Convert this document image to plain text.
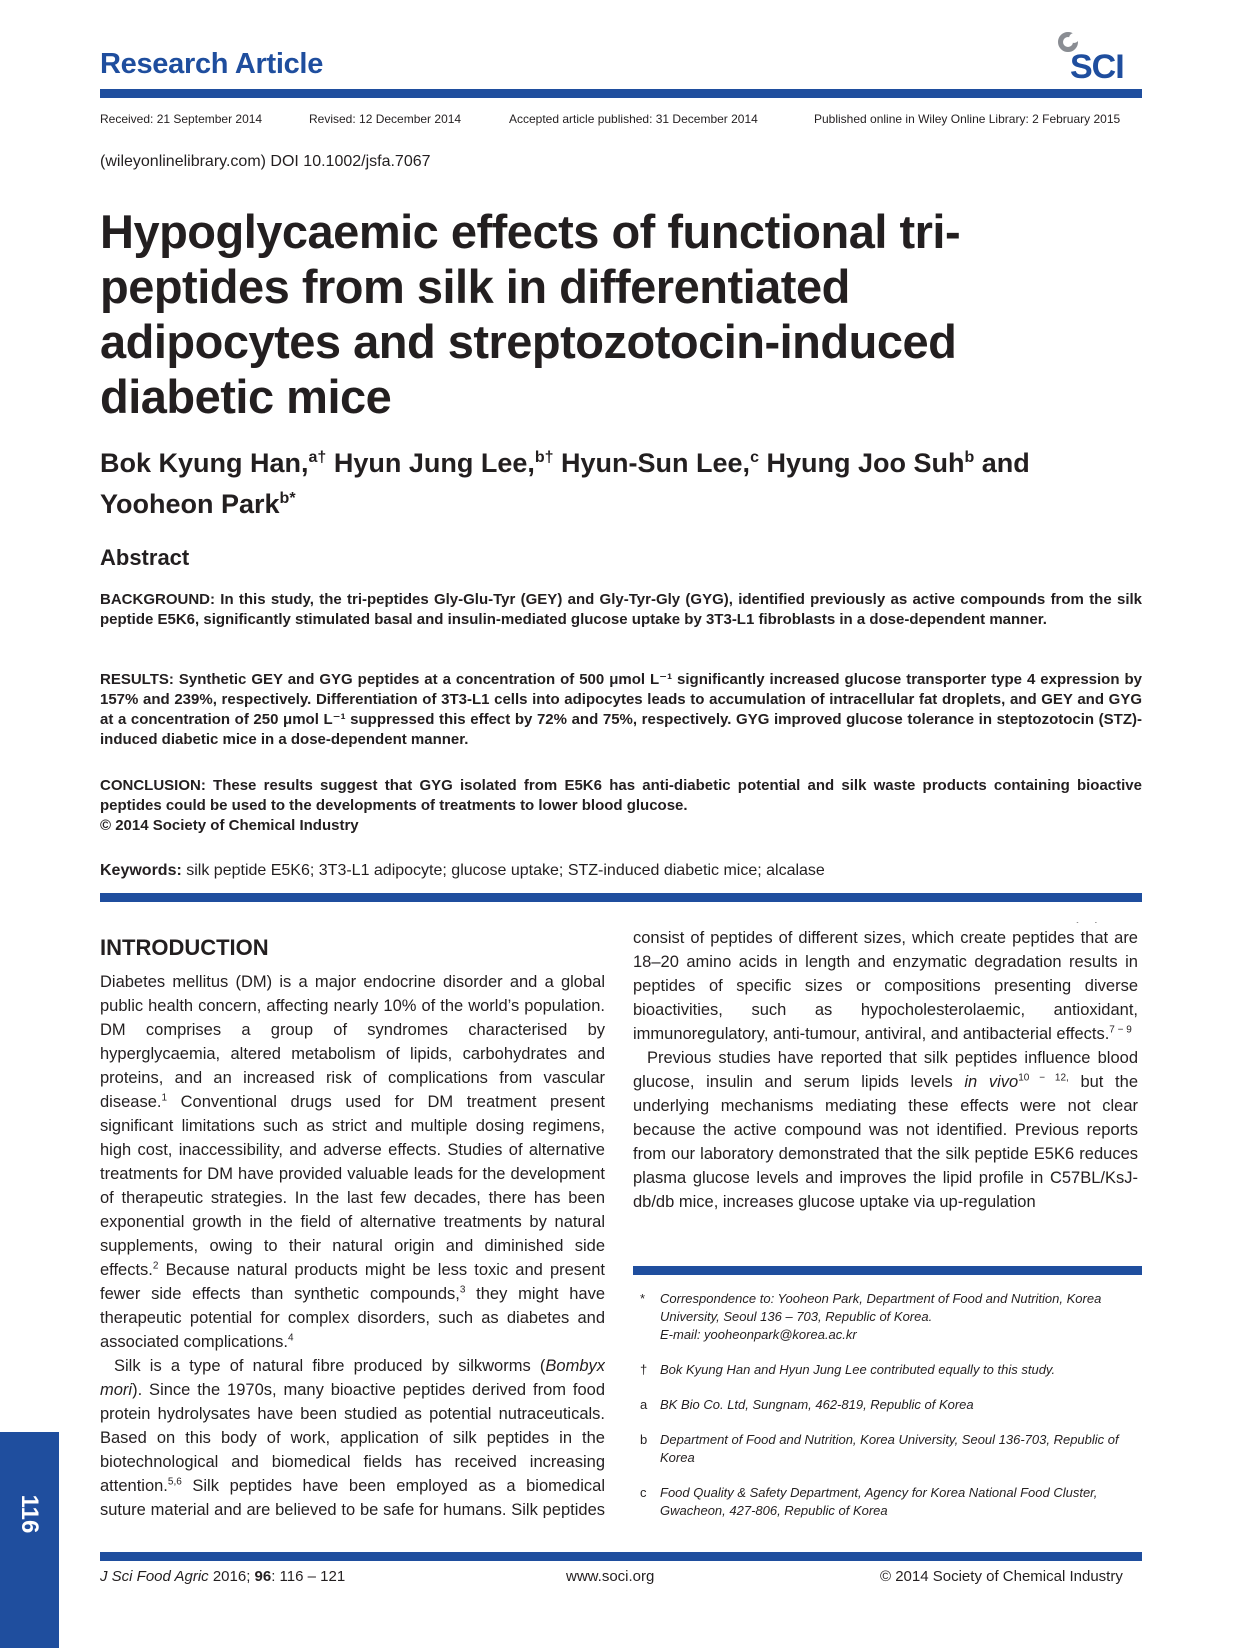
Research Article	SCI
Received: 21 September 2014	Revised: 12 December 2014	Accepted article published: 31 December 2014	Published online in Wiley Online Library: 2 February 2015
(wileyonlinelibrary.com) DOI 10.1002/jsfa.7067
Hypoglycaemic effects of functional tri-peptides from silk in differentiated adipocytes and streptozotocin-induced diabetic mice
Bok Kyung Han,$^{a\dagger}$ Hyun Jung Lee,$^{b\dagger}$ Hyun-Sun Lee,$^c$ Hyung Joo Suh$^b$ and
Yooheon Park$^{b*}$
Abstract
BACKGROUND: In this study, the tri-peptides Gly-Glu-Tyr (GEY) and Gly-Tyr-Gly (GYG), identified previously as active compounds from the silk peptide E5K6, significantly stimulated basal and insulin-mediated glucose uptake by 3T3-L1 fibroblasts in a dose-dependent manner.
RESULTS: Synthetic GEY and GYG peptides at a concentration of 500 μmol L⁻¹ significantly increased glucose transporter type 4 expression by 157% and 239%, respectively. Differentiation of 3T3-L1 cells into adipocytes leads to accumulation of intracellular fat droplets, and GEY and GYG at a concentration of 250 μmol L⁻¹ suppressed this effect by 72% and 75%, respectively. GYG improved glucose tolerance in steptozotocin (STZ)-induced diabetic mice in a dose-dependent manner.
CONCLUSION: These results suggest that GYG isolated from E5K6 has anti-diabetic potential and silk waste products containing bioactive peptides could be used to the developments of treatments to lower blood glucose.
© 2014 Society of Chemical Industry
Keywords: silk peptide E5K6; 3T3-L1 adipocyte; glucose uptake; STZ-induced diabetic mice; alcalase
INTRODUCTION

Diabetes mellitus (DM) is a major endocrine disorder and a global public health concern, affecting nearly 10% of the world’s population. DM comprises a group of syndromes characterised by hyperglycaemia, altered metabolism of lipids, carbohydrates and proteins, and an increased risk of complications from vascular disease.$^1$ Conventional drugs used for DM treatment present significant limitations such as strict and multiple dosing regimens, high cost, inaccessibility, and adverse effects. Studies of alternative treatments for DM have provided valuable leads for the development of therapeutic strategies. In the last few decades, there has been exponential growth in the field of alternative treatments by natural supplements, owing to their natural origin and diminished side effects.$^2$ Because natural products might be less toxic and present fewer side effects than synthetic compounds,$^3$ they might have therapeutic potential for complex disorders, such as diabetes and associated complications.$^4$

Silk is a type of natural fibre produced by silkworms (Bombyx mori). Since the 1970s, many bioactive peptides derived from food protein hydrolysates have been studied as potential nutraceuticals. Based on this body of work, application of silk peptides in the biotechnological and biomedical fields has received increasing attention.$^{5,6}$ Silk peptides have been employed as a biomedical suture material and are believed to be safe for humans. Silk peptides

Previous studies have reported that silk peptides influence blood glucose, insulin and serum lipids levels in vivo$^{10 - 12,}$ but the underlying mechanisms mediating these effects were not clear because the active compound was not identified. Previous reports from our laboratory demonstrated that the silk peptide E5K6 reduces plasma glucose levels and improves the lipid profile in C57BL/KsJ-db/db mice, increases glucose uptake via up-regulation

* Correspondence to: Yooheon Park, Department of Food and Nutrition, Korea University, Seoul 136 – 703, Republic of Korea.
E-mail: yooheonpark@korea.ac.kr
† Bok Kyung Han and Hyun Jung Lee contributed equally to this study.
a BK Bio Co. Ltd, Sungnam, 462-819, Republic of Korea
b Department of Food and Nutrition, Korea University, Seoul 136-703, Republic of Korea
c Food Quality & Safety Department, Agency for Korea National Food Cluster, Gwacheon, 427-806, Republic of Korea
J Sci Food Agric 2016; 96: 116 – 121	www.soci.org	© 2014 Society of Chemical Industry
116

consist of peptides of different sizes, which create peptides that are 18–20 amino acids in length and enzymatic degradation results in peptides of specific sizes or compositions presenting diverse bioactivities, such as hypocholesterolaemic, antioxidant, immunoregulatory, anti-tumour, antiviral, and antibacterial effects.$^{7 - 9}$
